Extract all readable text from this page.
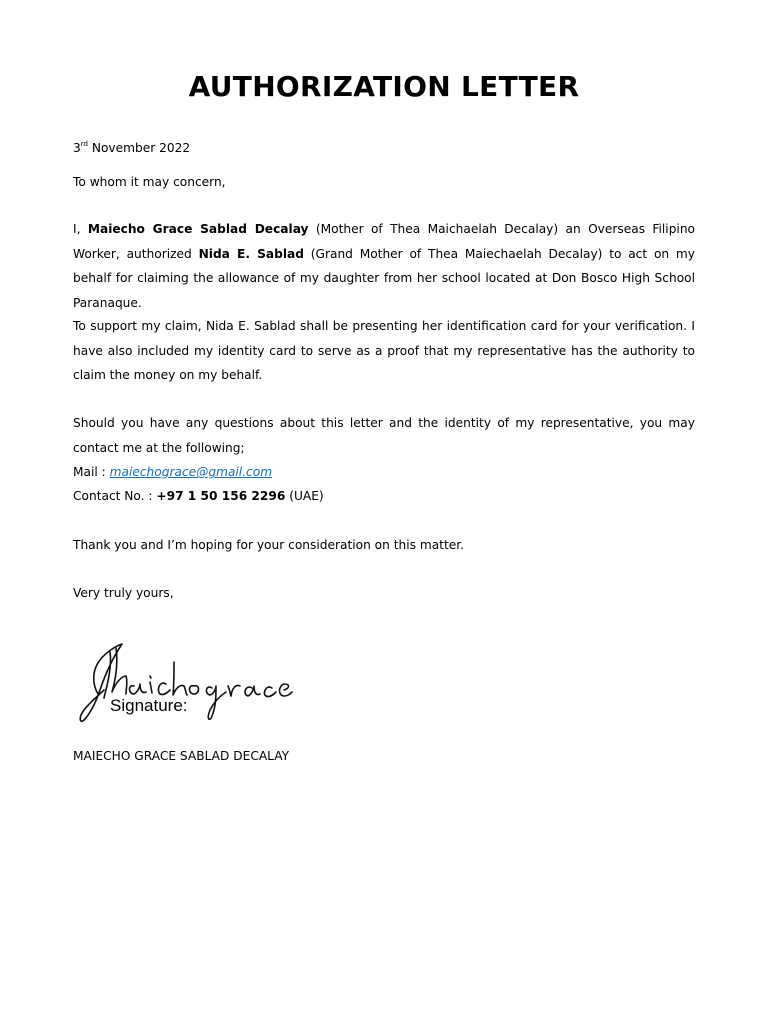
AUTHORIZATION LETTER
3rd November 2022
To whom it may concern,
I, Maiecho Grace Sablad Decalay (Mother of Thea Maichaelah Decalay) an Overseas Filipino Worker, authorized Nida E. Sablad (Grand Mother of Thea Maiechaelah Decalay) to act on my behalf for claiming the allowance of my daughter from her school located at Don Bosco High School Paranaque.
To support my claim, Nida E. Sablad shall be presenting her identification card for your verification. I have also included my identity card to serve as a proof that my representative has the authority to claim the money on my behalf.
Should you have any questions about this letter and the identity of my representative, you may contact me at the following;
Mail : maiechograce@gmail.com
Contact No. : +97 1 50 156 2296 (UAE)
Thank you and I’m hoping for your consideration on this matter.
Very truly yours,
Signature:
MAIECHO GRACE SABLAD DECALAY
